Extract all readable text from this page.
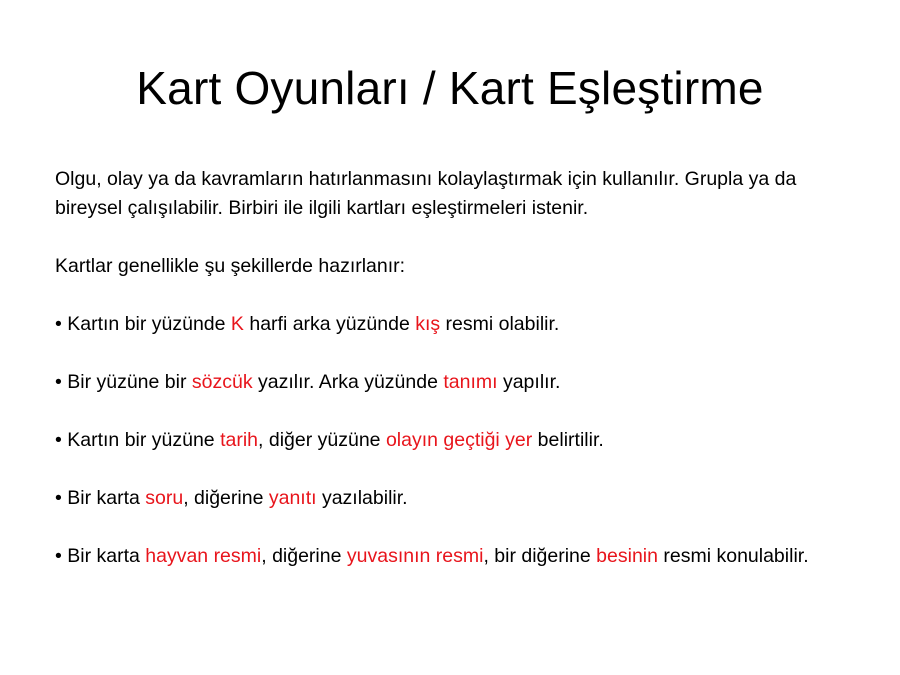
Kart Oyunları / Kart Eşleştirme

Olgu, olay ya da kavramların hatırlanmasını kolaylaştırmak için kullanılır. Grupla ya da bireysel çalışılabilir. Birbiri ile ilgili kartları eşleştirmeleri istenir.

Kartlar genellikle şu şekillerde hazırlanır:

• Kartın bir yüzünde K harfi arka yüzünde kış resmi olabilir.

• Bir yüzüne bir sözcük yazılır. Arka yüzünde tanımı yapılır.

• Kartın bir yüzüne tarih, diğer yüzüne olayın geçtiği yer belirtilir.

• Bir karta soru, diğerine yanıtı yazılabilir.

• Bir karta hayvan resmi, diğerine yuvasının resmi, bir diğerine besinin resmi konulabilir.
